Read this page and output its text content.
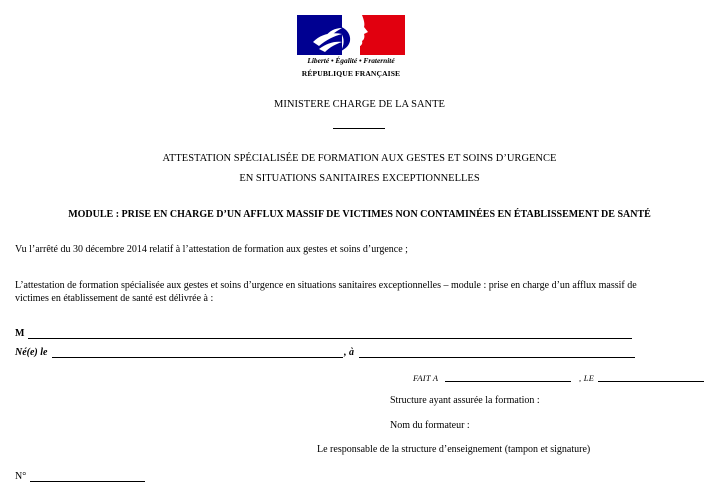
Liberté • Égalité • Fraternité
RÉPUBLIQUE FRANÇAISE
MINISTERE CHARGE DE LA SANTE
ATTESTATION SPÉCIALISÉE DE FORMATION AUX GESTES ET SOINS D’URGENCE
EN SITUATIONS SANITAIRES EXCEPTIONNELLES
MODULE : PRISE EN CHARGE D’UN AFFLUX MASSIF DE VICTIMES NON CONTAMINÉES EN ÉTABLISSEMENT DE SANTÉ
Vu l’arrêté du 30 décembre 2014 relatif à l’attestation de formation aux gestes et soins d’urgence ;
L’attestation de formation spécialisée aux gestes et soins d’urgence en situations sanitaires exceptionnelles – module : prise en charge d’un afflux massif de
victimes en établissement de santé est délivrée à :
M
Né(e) le	, à
FAIT A	, LE
Structure ayant assurée la formation :
Nom du formateur :
Le responsable de la structure d’enseignement (tampon et signature)
N°
